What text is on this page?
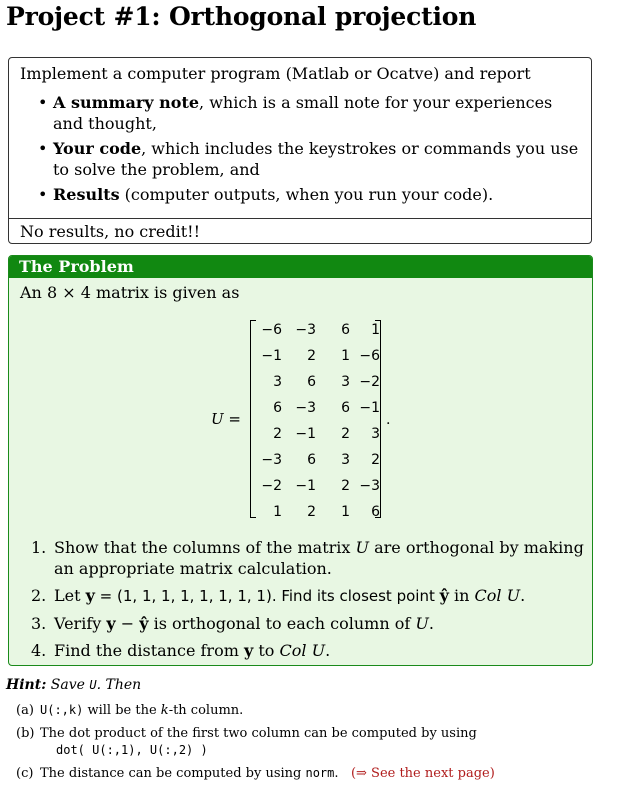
Project #1: Orthogonal projection
Implement a computer program (Matlab or Ocatve) and report
• A summary note, which is a small note for your experiences and thought,
• Your code, which includes the keystrokes or commands you use to solve the problem, and
• Results (computer outputs, when you run your code).
No results, no credit!!
The Problem
An 8 × 4 matrix is given as
U =
−6 −3	6	1
−1	2	1 −6
3	6	3 −2
6 −3	6 −1
2 −1	2	3
−3	6	3	2
−2 −1	2 −3
1	2	1	6
.
1. Show that the columns of the matrix U are orthogonal by making an appropriate matrix calculation.
2. Let y = (1, 1, 1, 1, 1, 1, 1, 1). Find its closest point ŷ in Col U.
3. Verify y − ŷ is orthogonal to each column of U.
4. Find the distance from y to Col U.
Hint: Save U. Then
(a) U(:,k) will be the k-th column.
(b) The dot product of the first two column can be computed by using
dot( U(:,1), U(:,2) )
(c) The distance can be computed by using norm. (⇒ See the next page)
